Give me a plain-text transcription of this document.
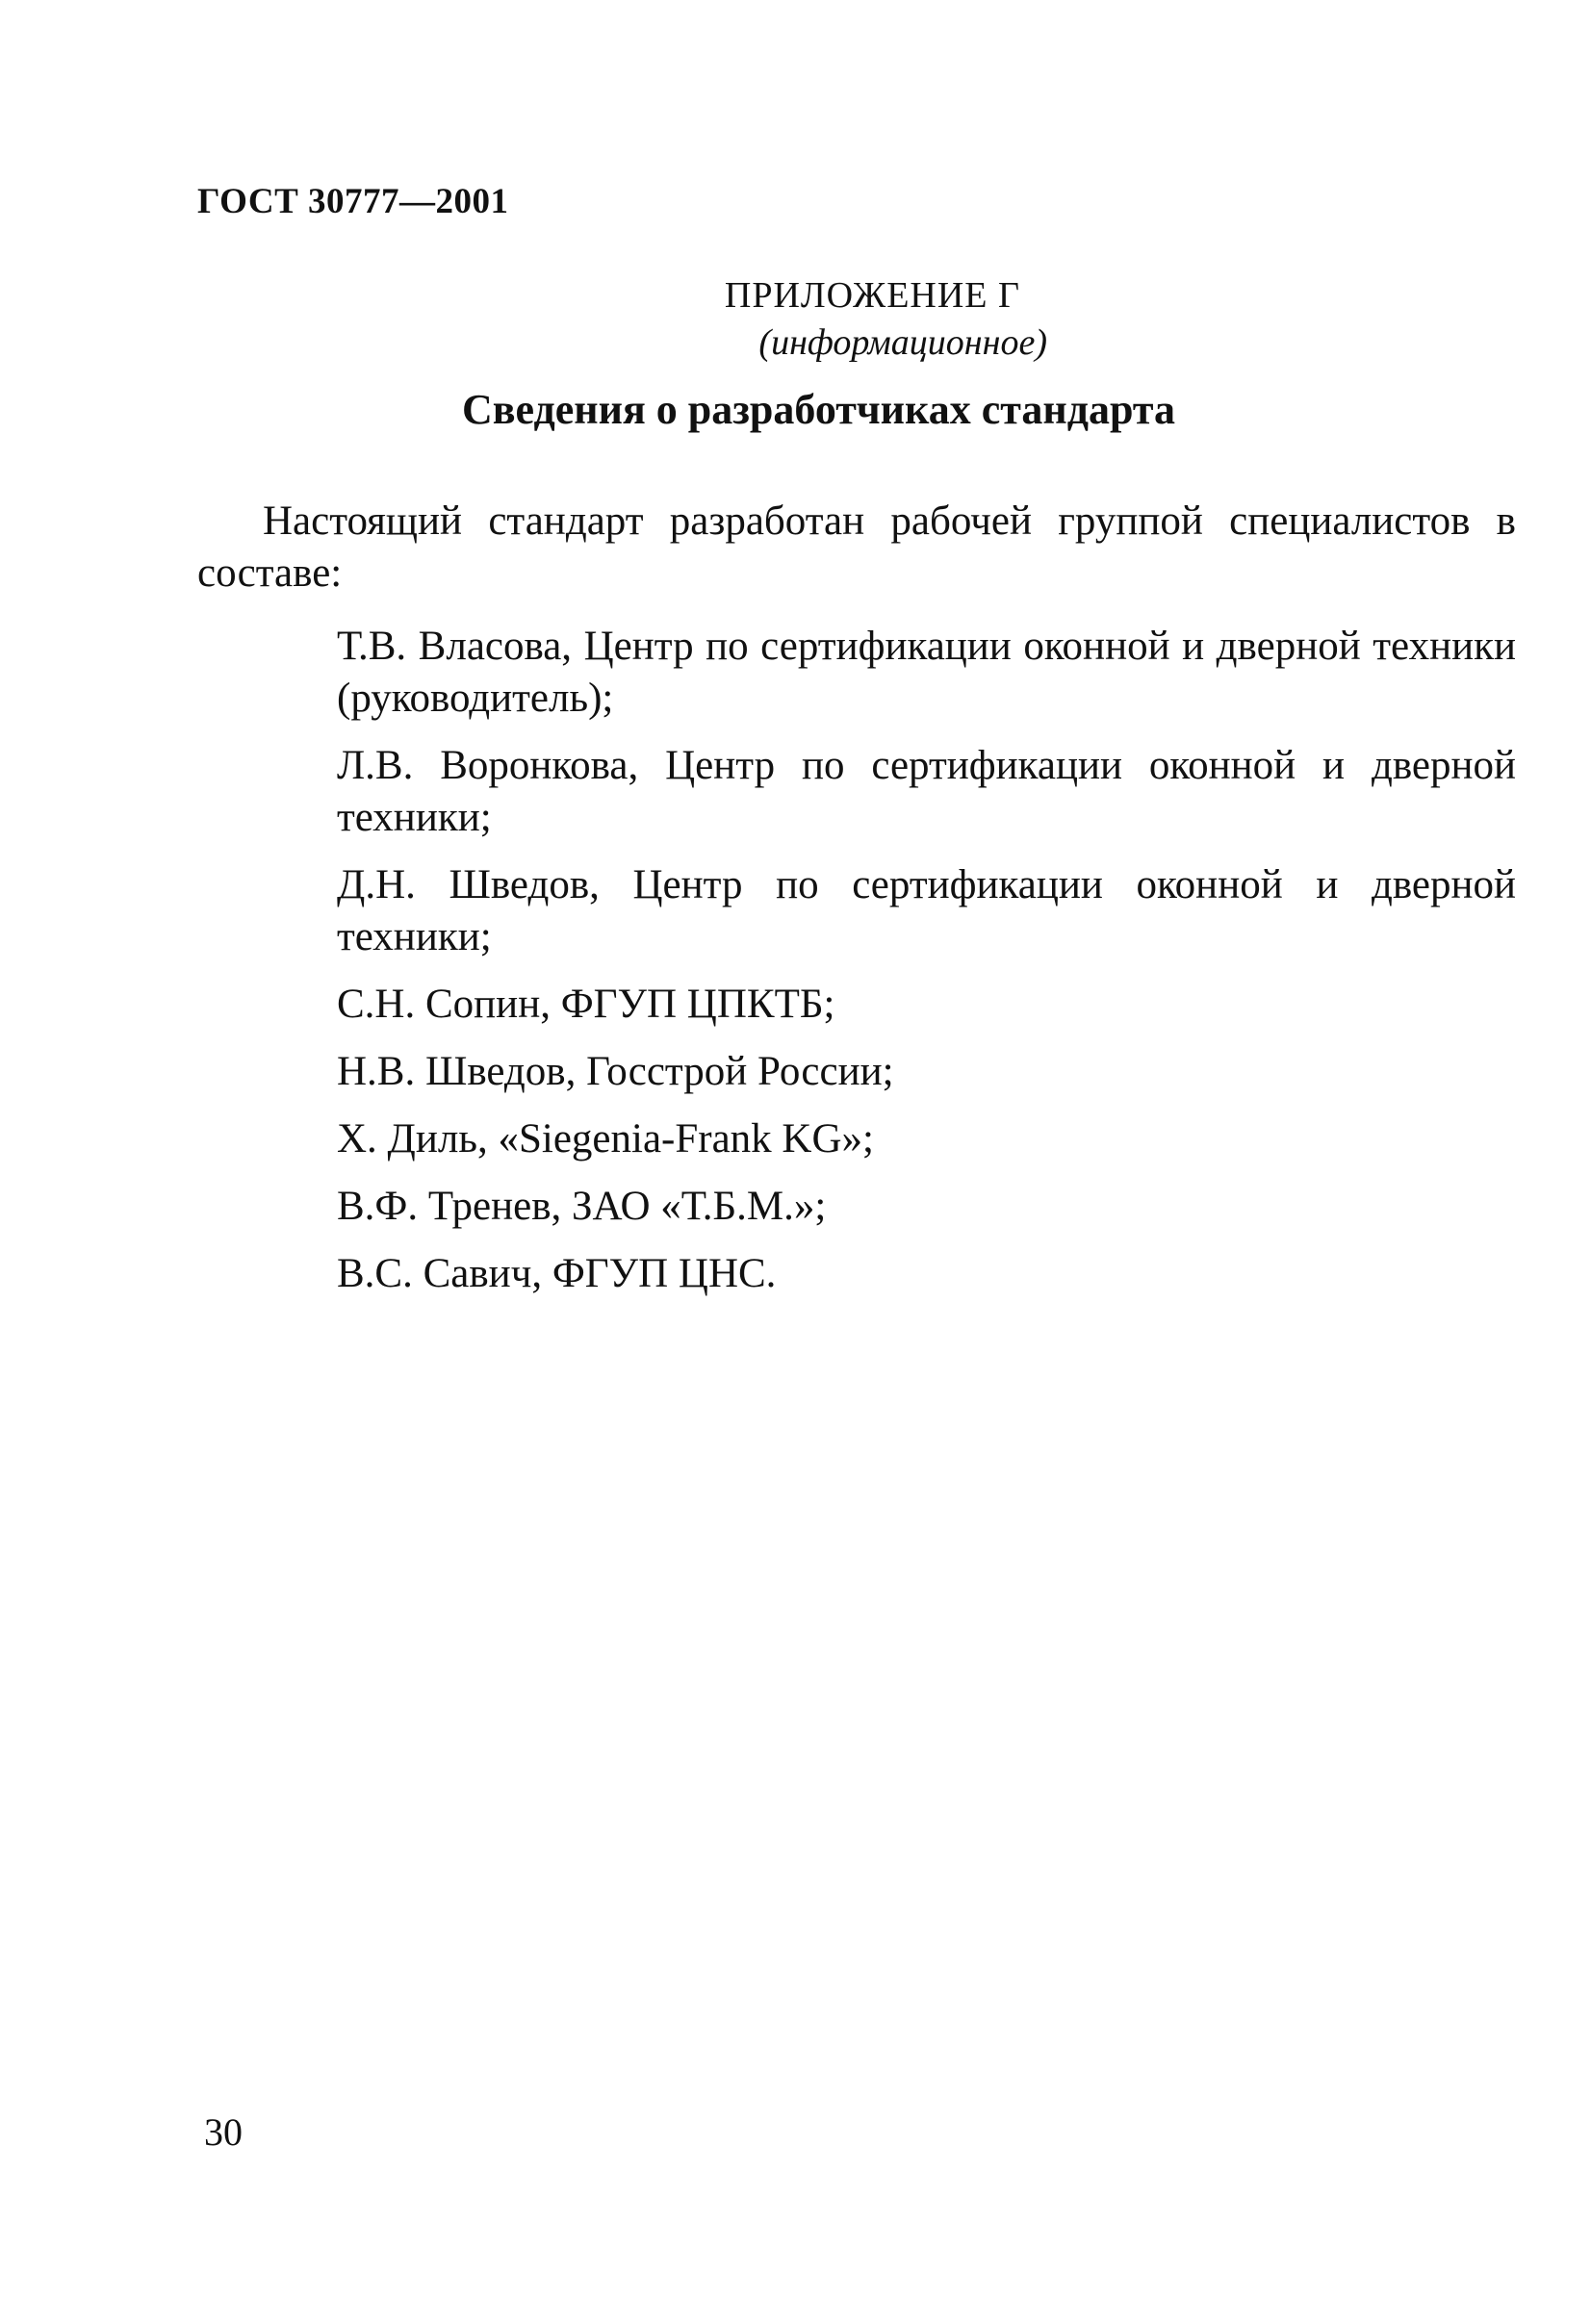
ГОСТ 30777—2001
ПРИЛОЖЕНИЕ Г
(информационное)
Сведения о разработчиках стандарта

Настоящий стандарт разработан рабочей группой специалистов в составе:

Т.В. Власова, Центр по сертификации оконной и дверной техники (руководитель);
Л.В. Воронкова, Центр по сертификации оконной и дверной техники;
Д.Н. Шведов, Центр по сертификации оконной и дверной техники;
С.Н. Сопин, ФГУП ЦПКТБ;
Н.В. Шведов, Госстрой России;
Х. Диль, «Siegenia-Frank KG»;
В.Ф. Тренев, ЗАО «Т.Б.М.»;
В.С. Савич, ФГУП ЦНС.
30
